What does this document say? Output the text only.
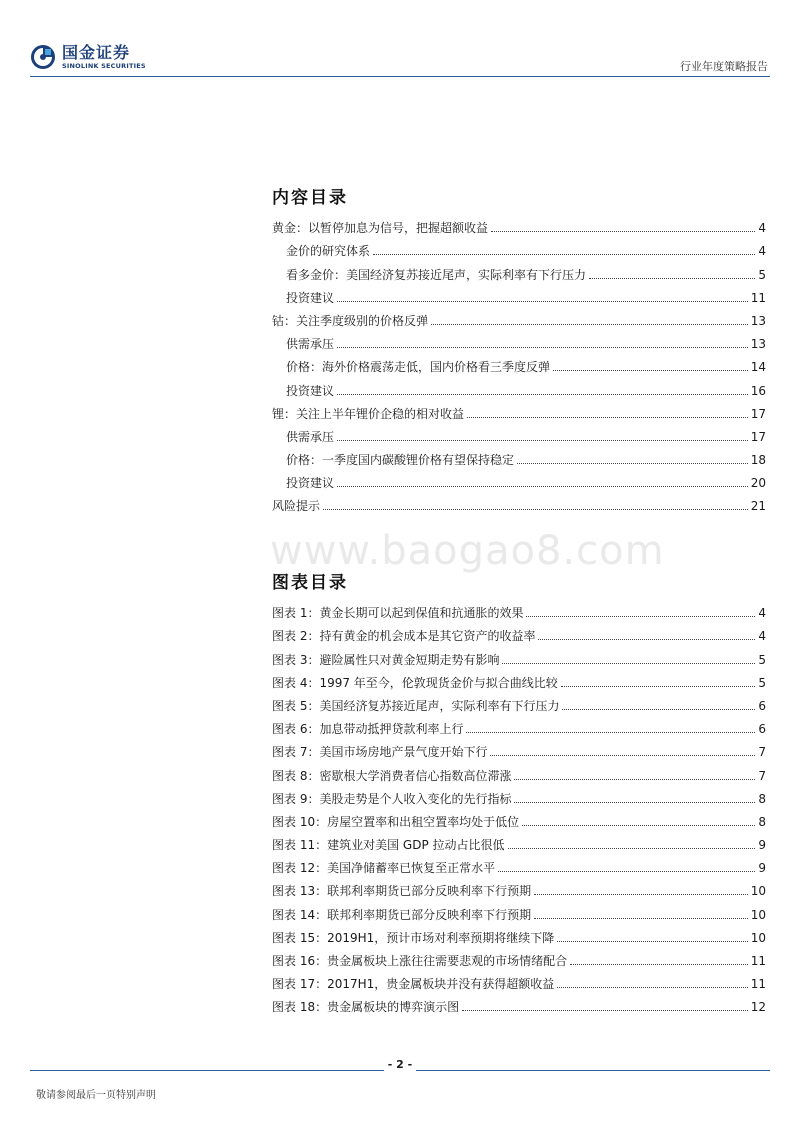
国金证券
SINOLINK SECURITIES	行业年度策略报告
内容目录
黄金：以暂停加息为信号，把握超额收益	4
金价的研究体系	4
看多金价：美国经济复苏接近尾声，实际利率有下行压力	5
投资建议	11
钴：关注季度级别的价格反弹	13
供需承压	13
价格：海外价格震荡走低，国内价格看三季度反弹	14
投资建议	16
锂：关注上半年锂价企稳的相对收益	17
供需承压	17
价格：一季度国内碳酸锂价格有望保持稳定	18
投资建议	20
风险提示	21
www.baogao8.com
图表目录
图表 1：黄金长期可以起到保值和抗通胀的效果	4
图表 2：持有黄金的机会成本是其它资产的收益率	4
图表 3：避险属性只对黄金短期走势有影响	5
图表 4：1997 年至今，伦敦现货金价与拟合曲线比较	5
图表 5：美国经济复苏接近尾声，实际利率有下行压力	6
图表 6：加息带动抵押贷款利率上行	6
图表 7：美国市场房地产景气度开始下行	7
图表 8：密歇根大学消费者信心指数高位滞涨	7
图表 9：美股走势是个人收入变化的先行指标	8
图表 10：房屋空置率和出租空置率均处于低位	8
图表 11：建筑业对美国 GDP 拉动占比很低	9
图表 12：美国净储蓄率已恢复至正常水平	9
图表 13：联邦利率期货已部分反映利率下行预期	10
图表 14：联邦利率期货已部分反映利率下行预期	10
图表 15：2019H1，预计市场对利率预期将继续下降	10
图表 16：贵金属板块上涨往往需要悲观的市场情绪配合	11
图表 17：2017H1，贵金属板块并没有获得超额收益	11
图表 18：贵金属板块的博弈演示图	12
- 2 -
敬请参阅最后一页特别声明
